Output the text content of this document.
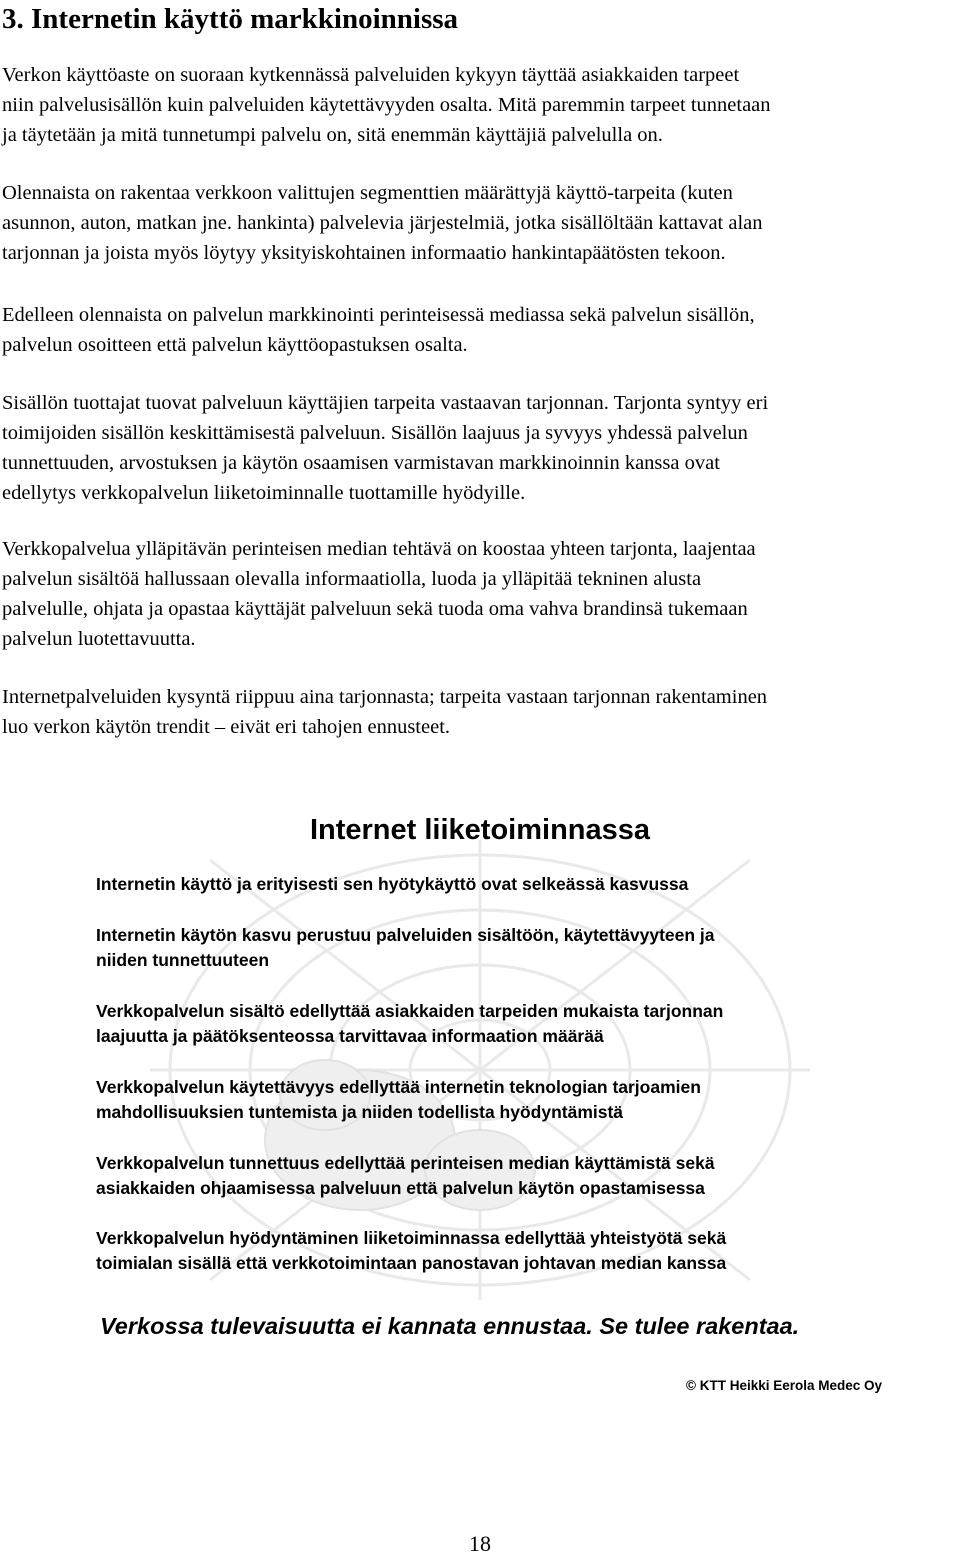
3. Internetin käyttö markkinoinnissa
Verkon käyttöaste on suoraan kytkennässä palveluiden kykyyn täyttää asiakkaiden tarpeet
niin palvelusisällön kuin palveluiden käytettävyyden osalta. Mitä paremmin tarpeet tunnetaan
ja täytetään ja mitä tunnetumpi palvelu on, sitä enemmän käyttäjiä palvelulla on.
Olennaista on rakentaa verkkoon valittujen segmenttien määrättyjä käyttö-tarpeita (kuten
asunnon, auton, matkan jne. hankinta) palvelevia järjestelmiä, jotka sisällöltään kattavat alan
tarjonnan ja joista myös löytyy yksityiskohtainen informaatio hankintapäätösten tekoon.
Edelleen olennaista on palvelun markkinointi perinteisessä mediassa sekä palvelun sisällön,
palvelun osoitteen että palvelun käyttöopastuksen osalta.
Sisällön tuottajat tuovat palveluun käyttäjien tarpeita vastaavan tarjonnan. Tarjonta syntyy eri
toimijoiden sisällön keskittämisestä palveluun. Sisällön laajuus ja syvyys yhdessä palvelun
tunnettuuden, arvostuksen ja käytön osaamisen varmistavan markkinoinnin kanssa ovat
edellytys verkkopalvelun liiketoiminnalle tuottamille hyödyille.
Verkkopalvelua ylläpitävän perinteisen median tehtävä on koostaa yhteen tarjonta, laajentaa
palvelun sisältöä hallussaan olevalla informaatiolla, luoda ja ylläpitää tekninen alusta
palvelulle, ohjata ja opastaa käyttäjät palveluun sekä tuoda oma vahva brandinsä tukemaan
palvelun luotettavuutta.
Internetpalveluiden kysyntä riippuu aina tarjonnasta; tarpeita vastaan tarjonnan rakentaminen
luo verkon käytön trendit – eivät eri tahojen ennusteet.
Internet liiketoiminnassa
Internetin käyttö ja erityisesti sen hyötykäyttö ovat selkeässä kasvussa
Internetin käytön kasvu perustuu palveluiden sisältöön, käytettävyyteen ja
niiden tunnettuuteen
Verkkopalvelun sisältö edellyttää asiakkaiden tarpeiden mukaista tarjonnan
laajuutta ja päätöksenteossa tarvittavaa informaation määrää
Verkkopalvelun käytettävyys edellyttää internetin teknologian tarjoamien
mahdollisuuksien tuntemista ja niiden todellista hyödyntämistä
Verkkopalvelun tunnettuus edellyttää perinteisen median käyttämistä sekä
asiakkaiden ohjaamisessa palveluun että palvelun käytön opastamisessa
Verkkopalvelun hyödyntäminen liiketoiminnassa edellyttää yhteistyötä sekä
toimialan sisällä että verkkotoimintaan panostavan johtavan median kanssa

Verkossa tulevaisuutta ei kannata ennustaa. Se tulee rakentaa.

© KTT Heikki Eerola Medec Oy

18
